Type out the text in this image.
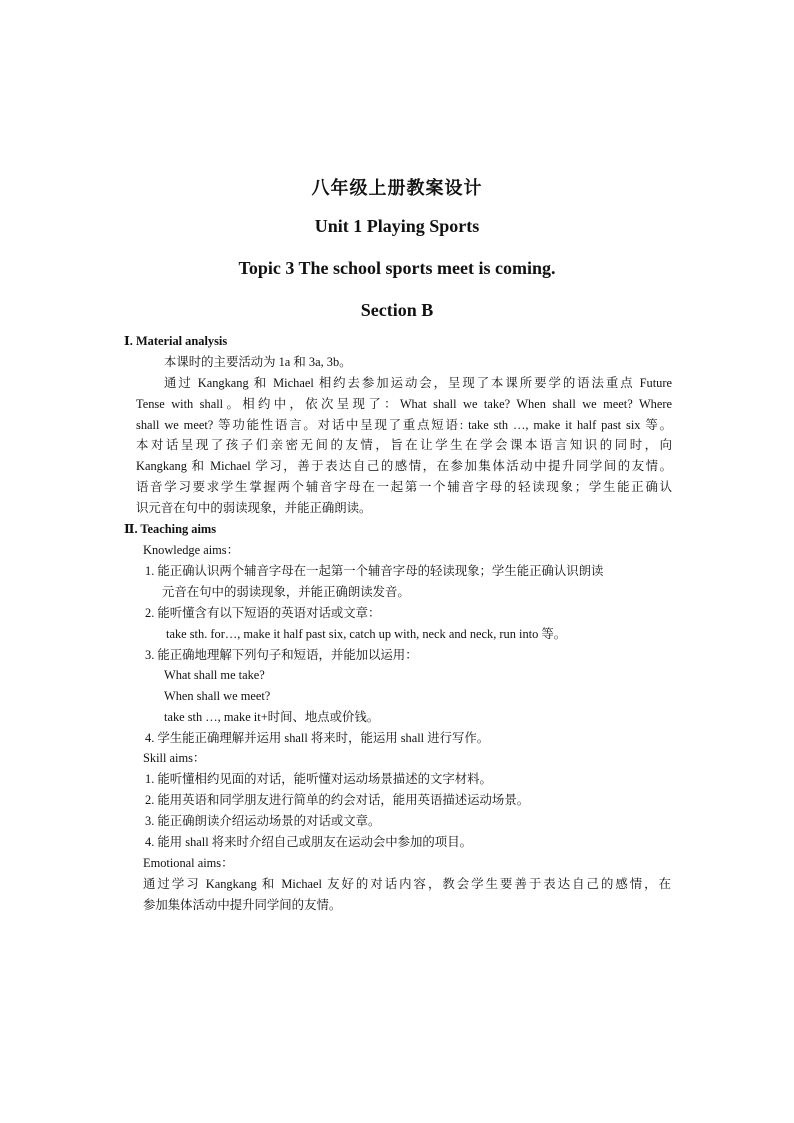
八年级上册教案设计
Unit 1 Playing Sports
Topic 3 The school sports meet is coming.
Section B
Ⅰ. Material analysis
本课时的主要活动为 1a 和 3a, 3b。
通过 Kangkang 和 Michael 相约去参加运动会，呈现了本课所要学的语法重点 Future
Tense with shall。相约中，依次呈现了：What shall we take? When shall we meet? Where
shall we meet? 等功能性语言。对话中呈现了重点短语: take sth …, make it half past six 等。
本对话呈现了孩子们亲密无间的友情，旨在让学生在学会课本语言知识的同时，向
Kangkang 和 Michael 学习，善于表达自己的感情，在参加集体活动中提升同学间的友情。
语音学习要求学生掌握两个辅音字母在一起第一个辅音字母的轻读现象；学生能正确认
识元音在句中的弱读现象，并能正确朗读。
Ⅱ. Teaching aims
Knowledge aims：
1. 能正确认识两个辅音字母在一起第一个辅音字母的轻读现象；学生能正确认识朗读
元音在句中的弱读现象，并能正确朗读发音。
2. 能听懂含有以下短语的英语对话或文章：
take sth. for…, make it half past six, catch up with, neck and neck, run into 等。
3. 能正确地理解下列句子和短语，并能加以运用：
What shall me take?
When shall we meet?
take sth …, make it+时间、地点或价钱。
4. 学生能正确理解并运用 shall 将来时，能运用 shall 进行写作。
Skill aims：
1. 能听懂相约见面的对话，能听懂对运动场景描述的文字材料。
2. 能用英语和同学朋友进行简单的约会对话，能用英语描述运动场景。
3. 能正确朗读介绍运动场景的对话或文章。
4. 能用 shall 将来时介绍自己或朋友在运动会中参加的项目。
Emotional aims：
通过学习 Kangkang 和 Michael 友好的对话内容，教会学生要善于表达自己的感情，在
参加集体活动中提升同学间的友情。
